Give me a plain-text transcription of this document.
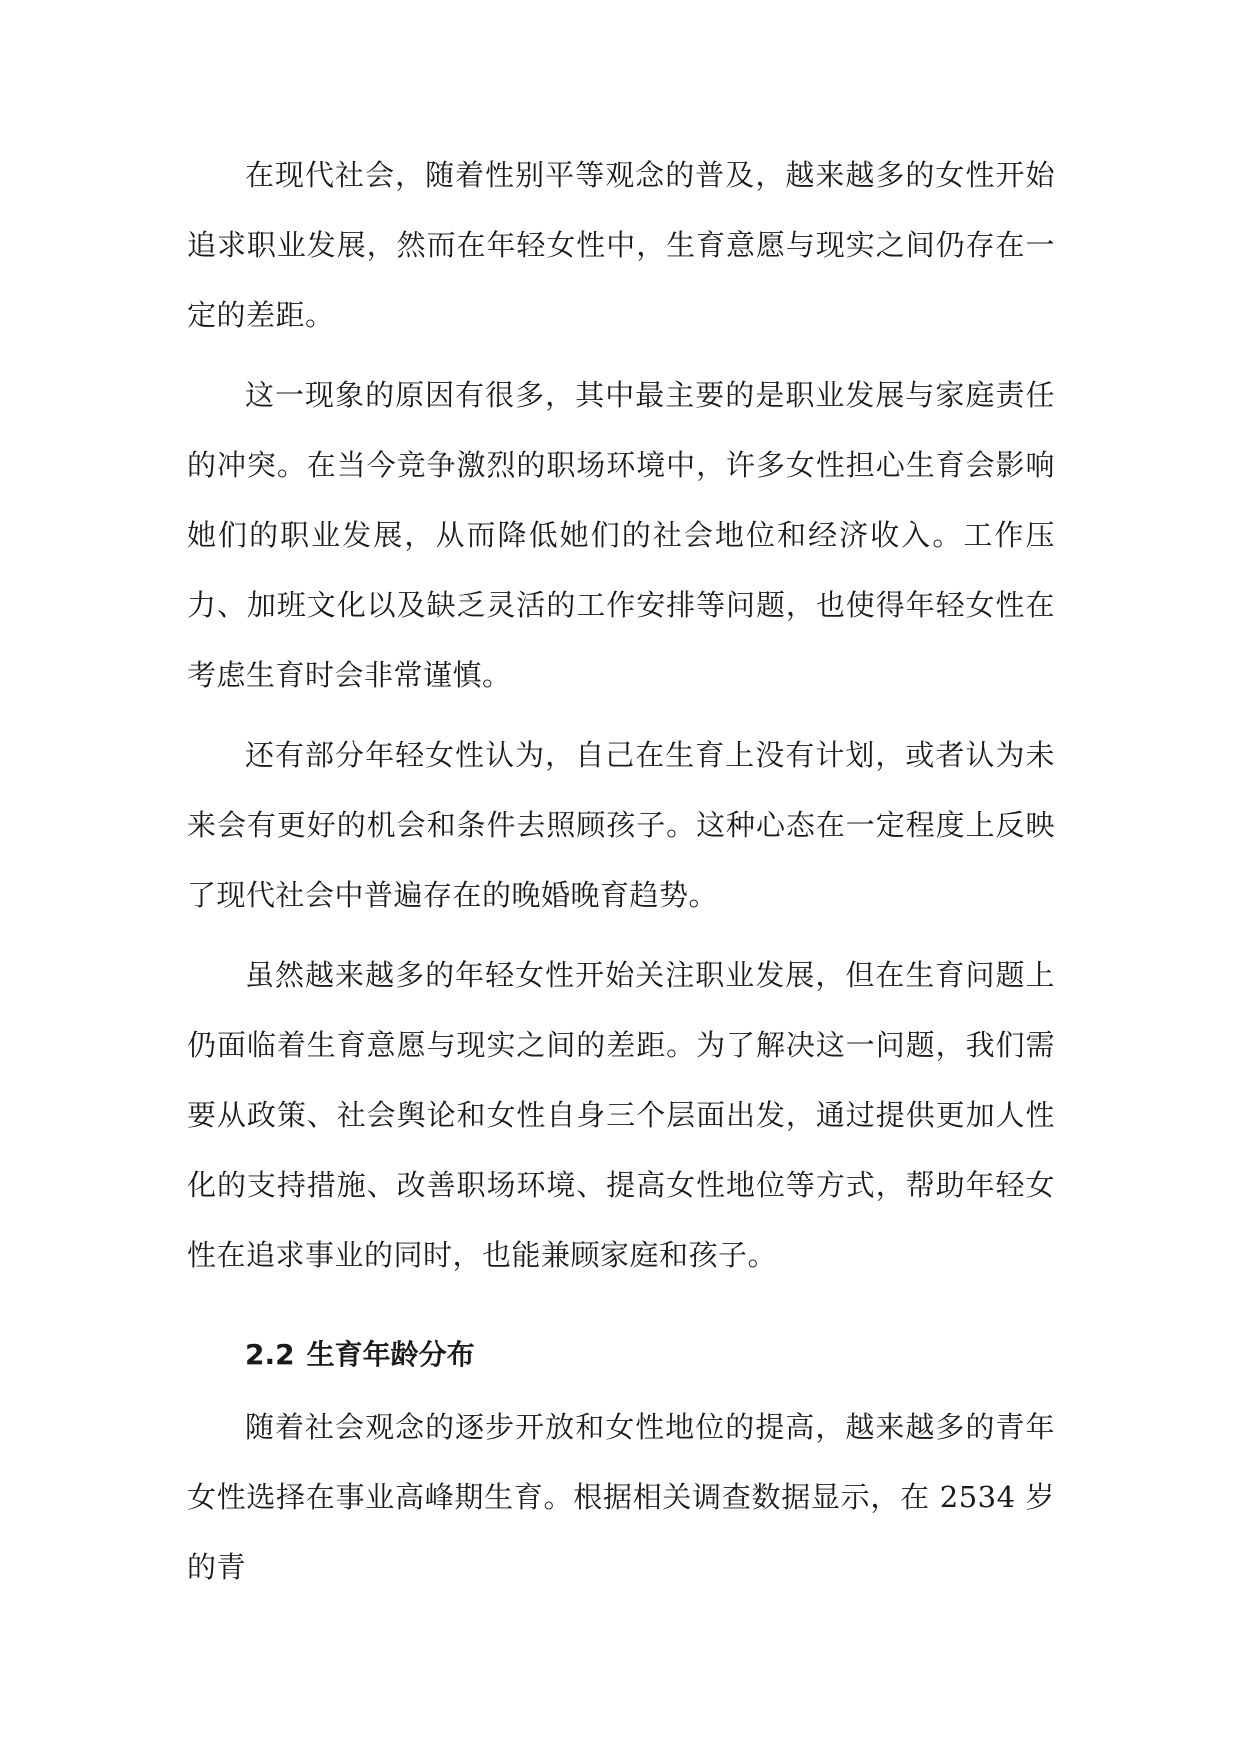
在现代社会，随着性别平等观念的普及，越来越多的女性开始追求职业发展，然而在年轻女性中，生育意愿与现实之间仍存在一定的差距。

这一现象的原因有很多，其中最主要的是职业发展与家庭责任的冲突。在当今竞争激烈的职场环境中，许多女性担心生育会影响她们的职业发展，从而降低她们的社会地位和经济收入。工作压力、加班文化以及缺乏灵活的工作安排等问题，也使得年轻女性在考虑生育时会非常谨慎。

还有部分年轻女性认为，自己在生育上没有计划，或者认为未来会有更好的机会和条件去照顾孩子。这种心态在一定程度上反映了现代社会中普遍存在的晚婚晚育趋势。

虽然越来越多的年轻女性开始关注职业发展，但在生育问题上仍面临着生育意愿与现实之间的差距。为了解决这一问题，我们需要从政策、社会舆论和女性自身三个层面出发，通过提供更加人性化的支持措施、改善职场环境、提高女性地位等方式，帮助年轻女性在追求事业的同时，也能兼顾家庭和孩子。

2.2 生育年龄分布

随着社会观念的逐步开放和女性地位的提高，越来越多的青年女性选择在事业高峰期生育。根据相关调查数据显示，在 2534 岁的青
